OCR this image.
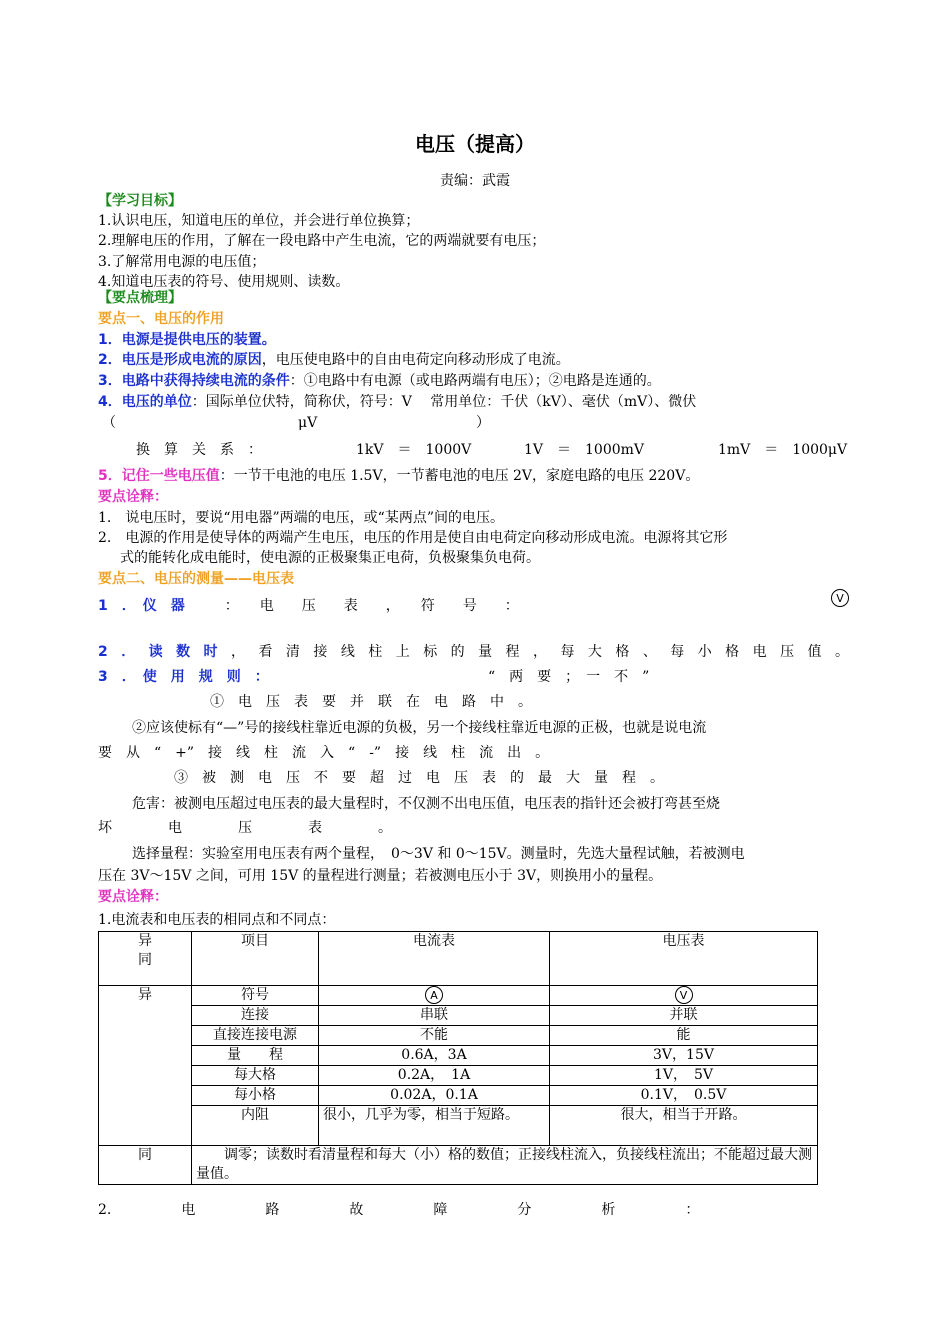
电压（提高）
责编：武霞
【学习目标】
1.认识电压，知道电压的单位，并会进行单位换算；
2.理解电压的作用，了解在一段电路中产生电流，它的两端就要有电压；
3.了解常用电源的电压值；
4.知道电压表的符号、使用规则、读数。
【要点梳理】
要点一、电压的作用
1．电源是提供电压的装置。
2．电压是形成电流的原因，电压使电路中的自由电荷定向移动形成了电流。
3．电路中获得持续电流的条件：①电路中有电源（或电路两端有电压）；②电路是连通的。
4．电压的单位：国际单位伏特，简称伏，符号：V　 常用单位：千伏（kV）、毫伏（mV）、微伏
（	μV	）
换　算　关　系　：	1kV　＝　1000V	1V　＝　1000mV	1mV　＝　1000μV
5．记住一些电压值：一节干电池的电压 1.5V，一节蓄电池的电压 2V，家庭电路的电压 220V。
要点诠释：
1.　说电压时，要说“用电器”两端的电压，或“某两点”间的电压。
2.　电源的作用是使导体的两端产生电压，电压的作用是使自由电荷定向移动形成电流。电源将其它形
式的能转化成电能时，使电源的正极聚集正电荷，负极聚集负电荷。
要点二、电压的测量——电压表
1　．　仪　器	：　　电　　压　　表　　，　　符　　号　　：	V
2．读数时，看清接线柱上标的量程，每大格、每小格电压值。
3　．　使　用　规　则　：	“　两　要　；　一　不　”
①　电　压　表　要　并　联　在　电　路　中　。
②应该使标有“—”号的接线柱靠近电源的负极，另一个接线柱靠近电源的正极，也就是说电流
要　从　“　+”　接　线　柱　流　入　“　-”　接　线　柱　流　出　。
③　被　测　电　压　不　要　超　过　电　压　表　的　最　大　量　程　。
危害：被测电压超过电压表的最大量程时，不仅测不出电压值，电压表的指针还会被打弯甚至烧
坏　　　　电　　　　压　　　　表　　　　。
选择量程：实验室用电压表有两个量程，　0～3V 和 0～15V。测量时，先选大量程试触，若被测电
压在 3V～15V 之间，可用 15V 的量程进行测量；若被测电压小于 3V，则换用小的量程。
要点诠释：
1.电流表和电压表的相同点和不同点：
异
同	项目	电流表	电压表
异	符号	A	V
	连接	串联	并联
	直接连接电源	不能	能
	量　　程	0.6A，3A	3V，15V
	每大格	0.2A，　1A	1V，　5V
	每小格	0.02A，0.1A	0.1V，　0.5V
	内阻	很小，几乎为零，相当于短路。	很大，相当于开路。
同	　　调零；读数时看清量程和每大（小）格的数值；正接线柱流入，负接线柱流出；不能超过最大测量值。		
2.　　　　　电　　　　　路　　　　　故　　　　　障　　　　　分　　　　　析　　　　　：
